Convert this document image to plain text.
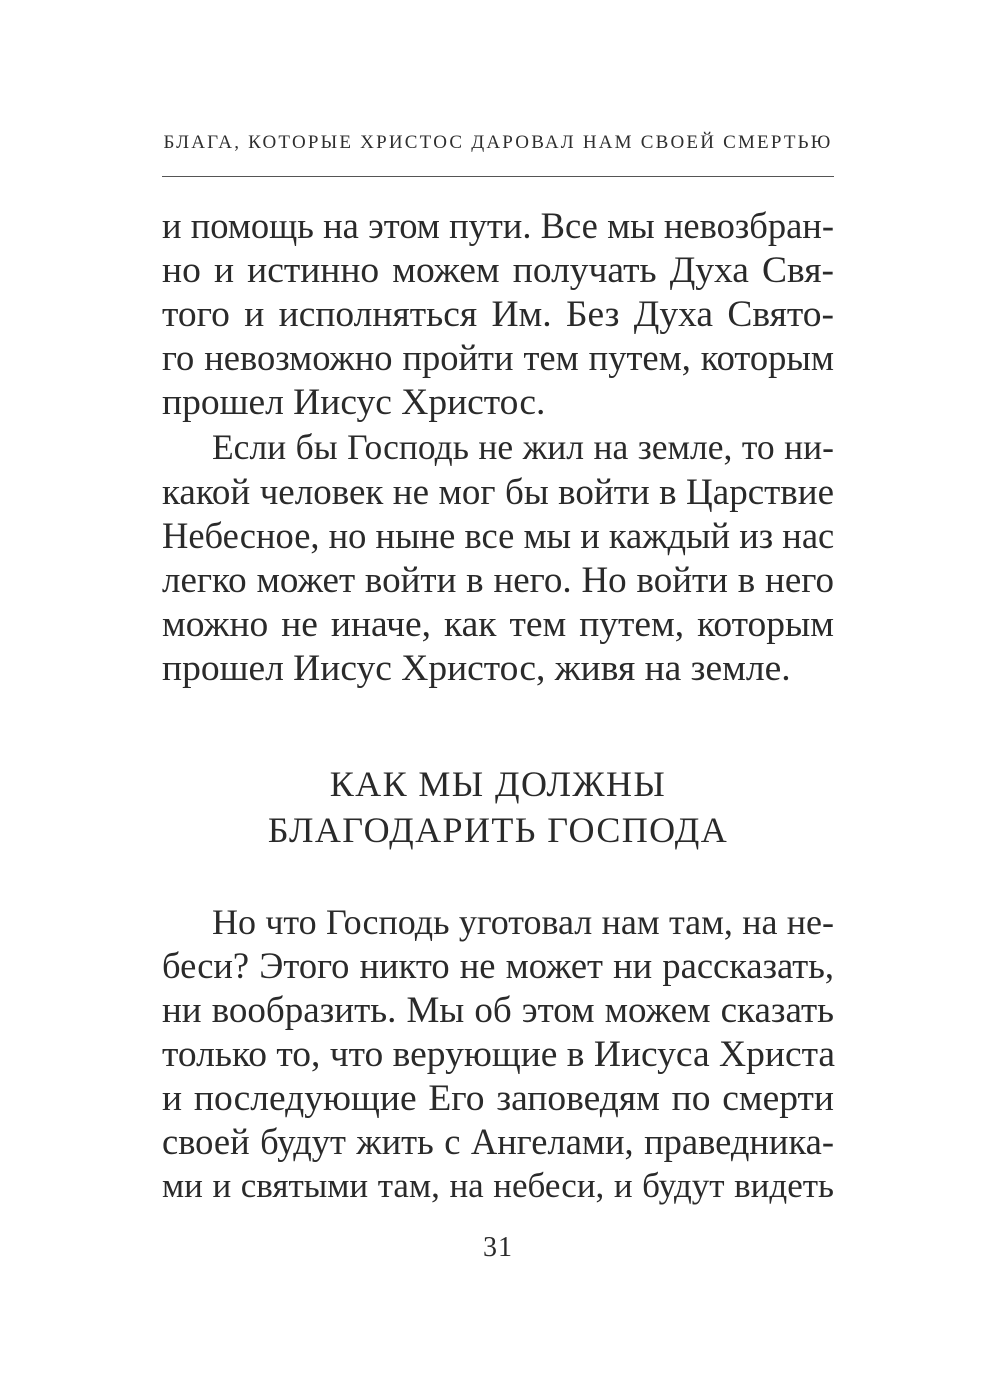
БЛАГА, КОТОРЫЕ ХРИСТОС ДАРОВАЛ НАМ СВОЕЙ СМЕРТЬЮ
и помощь на этом пути. Все мы невозбран-
но и истинно можем получать Духа Свя-
того и исполняться Им. Без Духа Свято-
го невозможно пройти тем путем, которым
прошел Иисус Христос.
Если бы Господь не жил на земле, то ни-
какой человек не мог бы войти в Царствие
Небесное, но ныне все мы и каждый из нас
легко может войти в него. Но войти в него
можно не иначе, как тем путем, которым
прошел Иисус Христос, живя на земле.
КАК МЫ ДОЛЖНЫ
БЛАГОДАРИТЬ ГОСПОДА
Но что Господь уготовал нам там, на не-
беси? Этого никто не может ни рассказать,
ни вообразить. Мы об этом можем сказать
только то, что верующие в Иисуса Христа
и последующие Его заповедям по смерти
своей будут жить с Ангелами, праведника-
ми и святыми там, на небеси, и будут видеть
31
